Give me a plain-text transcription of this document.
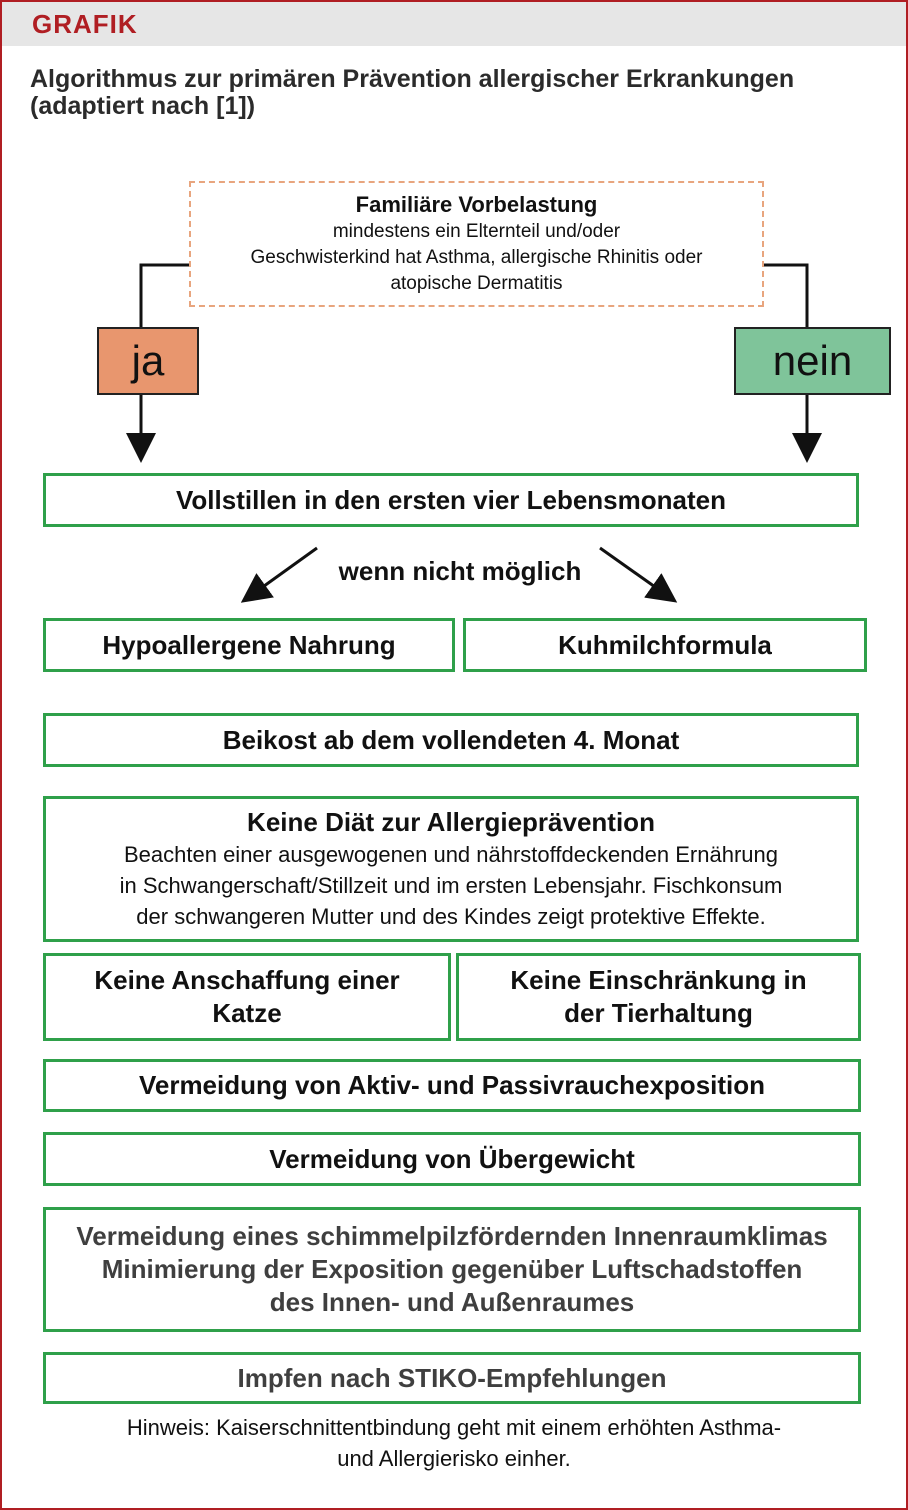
GRAFIK
Algorithmus zur primären Prävention allergischer Erkrankungen (adaptiert nach [1])
Familiäre Vorbelastung
mindestens ein Elternteil und/oder
Geschwisterkind hat Asthma, allergische Rhinitis oder
atopische Dermatitis
ja	nein
Vollstillen in den ersten vier Lebensmonaten
wenn nicht möglich
Hypoallergene Nahrung	Kuhmilchformula
Beikost ab dem vollendeten 4. Monat
Keine Diät zur Allergieprävention
Beachten einer ausgewogenen und nährstoffdeckenden Ernährung
in Schwangerschaft/Stillzeit und im ersten Lebensjahr. Fischkonsum
der schwangeren Mutter und des Kindes zeigt protektive Effekte.
Keine Anschaffung einer
Katze
Keine Einschränkung in
der Tierhaltung
Vermeidung von Aktiv- und Passivrauchexposition
Vermeidung von Übergewicht
Vermeidung eines schimmelpilzfördernden Innenraumklimas
Minimierung der Exposition gegenüber Luftschadstoffen
des Innen- und Außenraumes
Impfen nach STIKO-Empfehlungen
Hinweis: Kaiserschnittentbindung geht mit einem erhöhten Asthma-
und Allergierisko einher.
